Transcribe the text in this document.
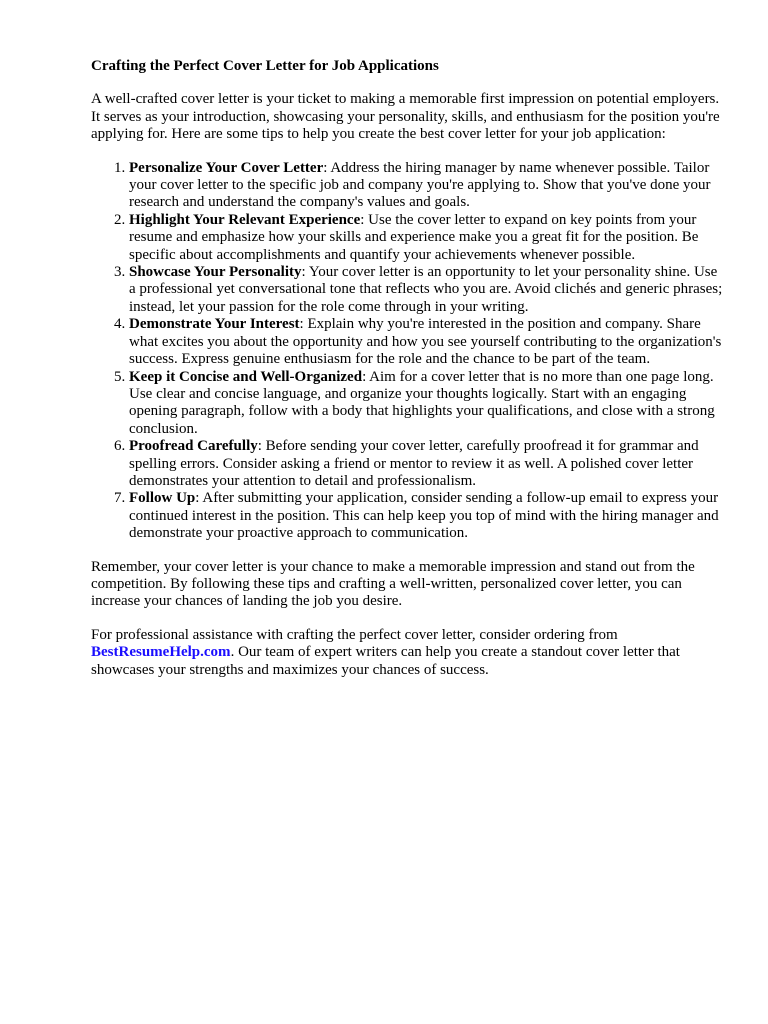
Crafting the Perfect Cover Letter for Job Applications

A well-crafted cover letter is your ticket to making a memorable first impression on potential employers. It serves as your introduction, showcasing your personality, skills, and enthusiasm for the position you're applying for. Here are some tips to help you create the best cover letter for your job application:

1. Personalize Your Cover Letter: Address the hiring manager by name whenever possible. Tailor your cover letter to the specific job and company you're applying to. Show that you've done your research and understand the company's values and goals.
2. Highlight Your Relevant Experience: Use the cover letter to expand on key points from your resume and emphasize how your skills and experience make you a great fit for the position. Be specific about accomplishments and quantify your achievements whenever possible.
3. Showcase Your Personality: Your cover letter is an opportunity to let your personality shine. Use a professional yet conversational tone that reflects who you are. Avoid clichés and generic phrases; instead, let your passion for the role come through in your writing.
4. Demonstrate Your Interest: Explain why you're interested in the position and company. Share what excites you about the opportunity and how you see yourself contributing to the organization's success. Express genuine enthusiasm for the role and the chance to be part of the team.
5. Keep it Concise and Well-Organized: Aim for a cover letter that is no more than one page long. Use clear and concise language, and organize your thoughts logically. Start with an engaging opening paragraph, follow with a body that highlights your qualifications, and close with a strong conclusion.
6. Proofread Carefully: Before sending your cover letter, carefully proofread it for grammar and spelling errors. Consider asking a friend or mentor to review it as well. A polished cover letter demonstrates your attention to detail and professionalism.
7. Follow Up: After submitting your application, consider sending a follow-up email to express your continued interest in the position. This can help keep you top of mind with the hiring manager and demonstrate your proactive approach to communication.

Remember, your cover letter is your chance to make a memorable impression and stand out from the competition. By following these tips and crafting a well-written, personalized cover letter, you can increase your chances of landing the job you desire.

For professional assistance with crafting the perfect cover letter, consider ordering from
BestResumeHelp.com. Our team of expert writers can help you create a standout cover letter that showcases your strengths and maximizes your chances of success.
